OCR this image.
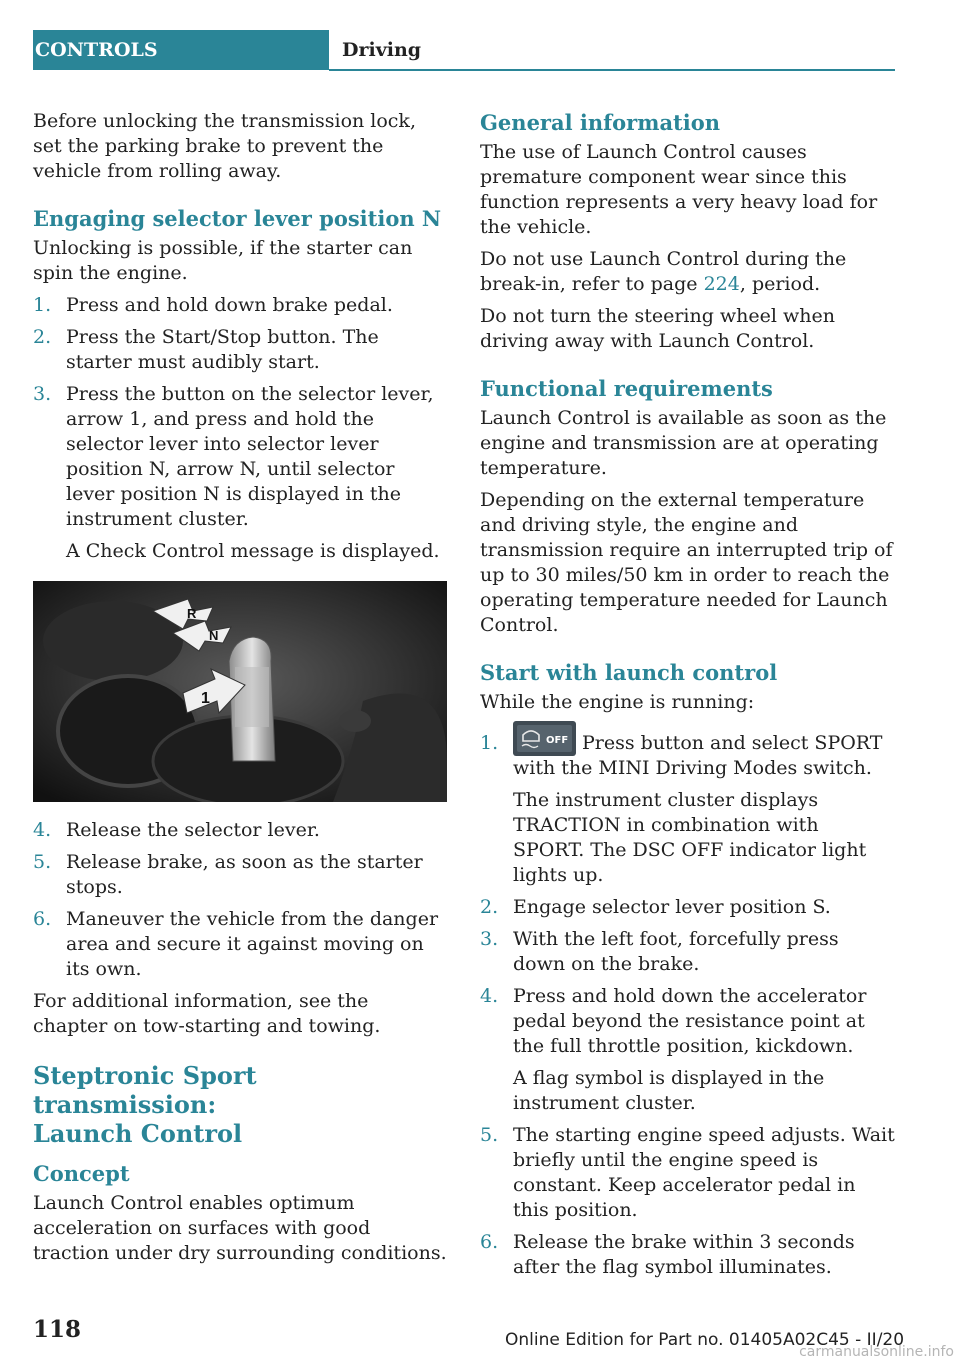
CONTROLS	Driving

Before unlocking the transmission lock, set the parking brake to prevent the vehicle from rolling away.

Engaging selector lever position N

Unlocking is possible, if the starter can spin the engine.

1. Press and hold down brake pedal.
2. Press the Start/Stop button. The starter must audibly start.
3. Press the button on the selector lever, arrow 1, and press and hold the selector lever into selector lever position N, arrow N, until selector lever position N is displayed in the instrument cluster.
A Check Control message is displayed.
R
N
1
4. Release the selector lever.
5. Release brake, as soon as the starter stops.
6. Maneuver the vehicle from the danger area and secure it against moving on its own.

For additional information, see the chapter on tow-starting and towing.

Steptronic Sport transmission:
Launch Control
Concept

Launch Control enables optimum acceleration on surfaces with good traction under dry surrounding conditions.

General information

The use of Launch Control causes premature component wear since this function represents a very heavy load for the vehicle.

Do not use Launch Control during the break-in, refer to page 224, period.

Do not turn the steering wheel when driving away with Launch Control.

Functional requirements

Launch Control is available as soon as the engine and transmission are at operating temperature.

Depending on the external temperature and driving style, the engine and transmission require an interrupted trip of up to 30 miles/50 km in order to reach the operating temperature needed for Launch Control.

Start with launch control

While the engine is running:

1.	OFF Press button and select SPORT with the MINI Driving Modes switch.
The instrument cluster displays TRACTION in combination with SPORT. The DSC OFF indicator light lights up.
2. Engage selector lever position S.
3. With the left foot, forcefully press down on the brake.
4. Press and hold down the accelerator pedal beyond the resistance point at the full throttle position, kickdown.
A flag symbol is displayed in the instrument cluster.
5. The starting engine speed adjusts. Wait briefly until the engine speed is constant. Keep accelerator pedal in this position.
6. Release the brake within 3 seconds after the flag symbol illuminates.
118	Online Edition for Part no. 01405A02C45 - II/20
carmanualsonline.info
